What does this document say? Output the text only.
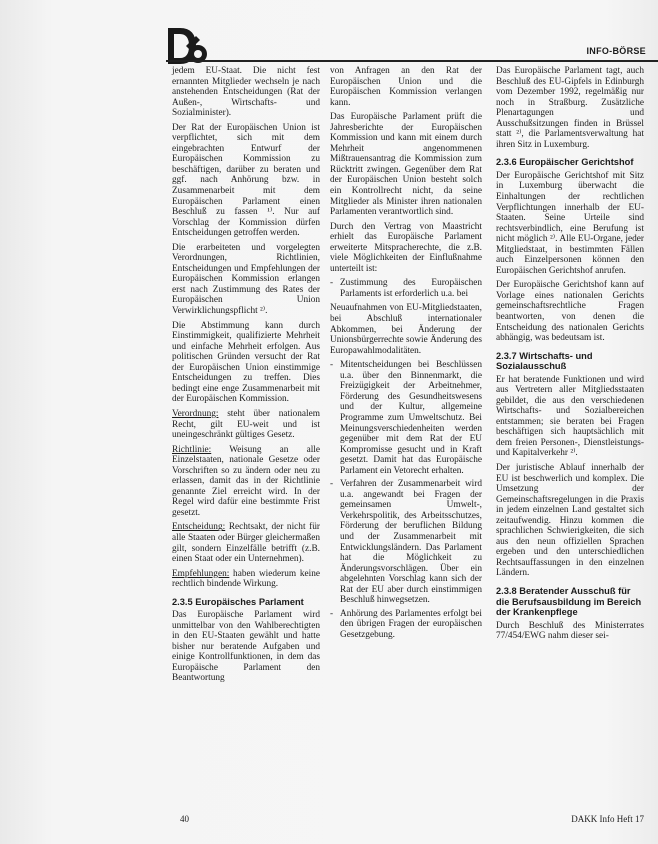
INFO-BÖRSE

jedem EU-Staat. Die nicht fest ernannten Mitglieder wechseln je nach anstehenden Entscheidungen (Rat der Außen-, Wirtschafts- und Sozialminister).

Der Rat der Europäischen Union ist verpflichtet, sich mit dem eingebrachten Entwurf der Europäischen Kommission zu beschäftigen, darüber zu beraten und ggf. nach Anhörung bzw. in Zusammenarbeit mit dem Europäischen Parlament einen Beschluß zu fassen ¹⁾. Nur auf Vorschlag der Kommission dürfen Entscheidungen getroffen werden.

Die erarbeiteten und vorgelegten Verordnungen, Richtlinien, Entscheidungen und Empfehlungen der Europäischen Kommission erlangen erst nach Zustimmung des Rates der Europäischen Union Verwirklichungspflicht ²⁾.

Die Abstimmung kann durch Einstimmigkeit, qualifizierte Mehrheit und einfache Mehrheit erfolgen. Aus politischen Gründen versucht der Rat der Europäischen Union einstimmige Entscheidungen zu treffen. Dies bedingt eine enge Zusammenarbeit mit der Europäischen Kommission.

Verordnung: steht über nationalem Recht, gilt EU-weit und ist uneingeschränkt gültiges Gesetz.

Richtlinie: Weisung an alle Einzelstaaten, nationale Gesetze oder Vorschriften so zu ändern oder neu zu erlassen, damit das in der Richtlinie genannte Ziel erreicht wird. In der Regel wird dafür eine bestimmte Frist gesetzt.

Entscheidung: Rechtsakt, der nicht für alle Staaten oder Bürger gleichermaßen gilt, sondern Einzelfälle betrifft (z.B. einen Staat oder ein Unternehmen).

Empfehlungen: haben wiederum keine rechtlich bindende Wirkung.

2.3.5 Europäisches Parlament

Das Europäische Parlament wird unmittelbar von den Wahlberechtigten in den EU-Staaten gewählt und hatte bisher nur beratende Aufgaben und einige Kontrollfunktionen, in dem das Europäische Parlament den Beantwortung

von Anfragen an den Rat der Europäischen Union und die Europäischen Kommission verlangen kann.

Das Europäische Parlament prüft die Jahresberichte der Europäischen Kommission und kann mit einem durch Mehrheit angenommenen Mißtrauensantrag die Kommission zum Rücktritt zwingen. Gegenüber dem Rat der Europäischen Union besteht solch ein Kontrollrecht nicht, da seine Mitglieder als Minister ihren nationalen Parlamenten verantwortlich sind.

Durch den Vertrag von Maastricht erhielt das Europäische Parlament erweiterte Mitspracherechte, die z.B. viele Möglichkeiten der Einflußnahme unterteilt ist:

- Zustimmung des Europäischen Parlaments ist erforderlich u.a. bei

Neuaufnahmen von EU-Mitgliedstaaten, bei Abschluß internationaler Abkommen, bei Änderung der Unionsbürgerrechte sowie Änderung des Europawahlmodalitäten.

- Mitentscheidungen bei Beschlüssen u.a. über den Binnenmarkt, die Freizügigkeit der Arbeitnehmer, Förderung des Gesundheitswesens und der Kultur, allgemeine Programme zum Umweltschutz. Bei Meinungsverschiedenheiten werden gegenüber mit dem Rat der EU Kompromisse gesucht und in Kraft gesetzt. Damit hat das Europäische Parlament ein Vetorecht erhalten.
- Verfahren der Zusammenarbeit wird u.a. angewandt bei Fragen der gemeinsamen Umwelt-, Verkehrspolitik, des Arbeitsschutzes, Förderung der beruflichen Bildung und der Zusammenarbeit mit Entwicklungsländern. Das Parlament hat die Möglichkeit zu Änderungsvorschlägen. Über ein abgelehnten Vorschlag kann sich der Rat der EU aber durch einstimmigen Beschluß hinwegsetzen.
- Anhörung des Parlamentes erfolgt bei den übrigen Fragen der europäischen Gesetzgebung.

Das Europäische Parlament tagt, auch Beschluß des EU-Gipfels in Edinburgh vom Dezember 1992, regelmäßig nur noch in Straßburg. Zusätzliche Plenartagungen und Ausschußsitzungen finden in Brüssel statt ²⁾, die Parlamentsverwaltung hat ihren Sitz in Luxemburg.

2.3.6 Europäischer Gerichtshof

Der Europäische Gerichtshof mit Sitz in Luxemburg überwacht die Einhaltungen der rechtlichen Verpflichtungen innerhalb der EU-Staaten. Seine Urteile sind rechtsverbindlich, eine Berufung ist nicht möglich ²⁾. Alle EU-Organe, jeder Mitgliedstaat, in bestimmten Fällen auch Einzelpersonen können den Europäischen Gerichtshof anrufen.

Der Europäische Gerichtshof kann auf Vorlage eines nationalen Gerichts gemeinschaftsrechtliche Fragen beantworten, von denen die Entscheidung des nationalen Gerichts abhängig, was bedeutsam ist.

2.3.7 Wirtschafts- und Sozialausschuß

Er hat beratende Funktionen und wird aus Vertretern aller Mitgliedsstaaten gebildet, die aus den verschiedenen Wirtschafts- und Sozialbereichen entstammen; sie beraten bei Fragen beschäftigen sich hauptsächlich mit dem freien Personen-, Dienstleistungs- und Kapitalverkehr ²⁾.

Der juristische Ablauf innerhalb der EU ist beschwerlich und komplex. Die Umsetzung der Gemeinschaftsregelungen in die Praxis in jedem einzelnen Land gestaltet sich zeitaufwendig. Hinzu kommen die sprachlichen Schwierigkeiten, die sich aus den neun offiziellen Sprachen ergeben und den unterschiedlichen Rechtsauffassungen in den einzelnen Ländern.

2.3.8 Beratender Ausschuß für die Berufsausbildung im Bereich der Krankenpflege

Durch Beschluß des Ministerrates 77/454/EWG nahm dieser sei-

40	DAKK Info Heft 17
